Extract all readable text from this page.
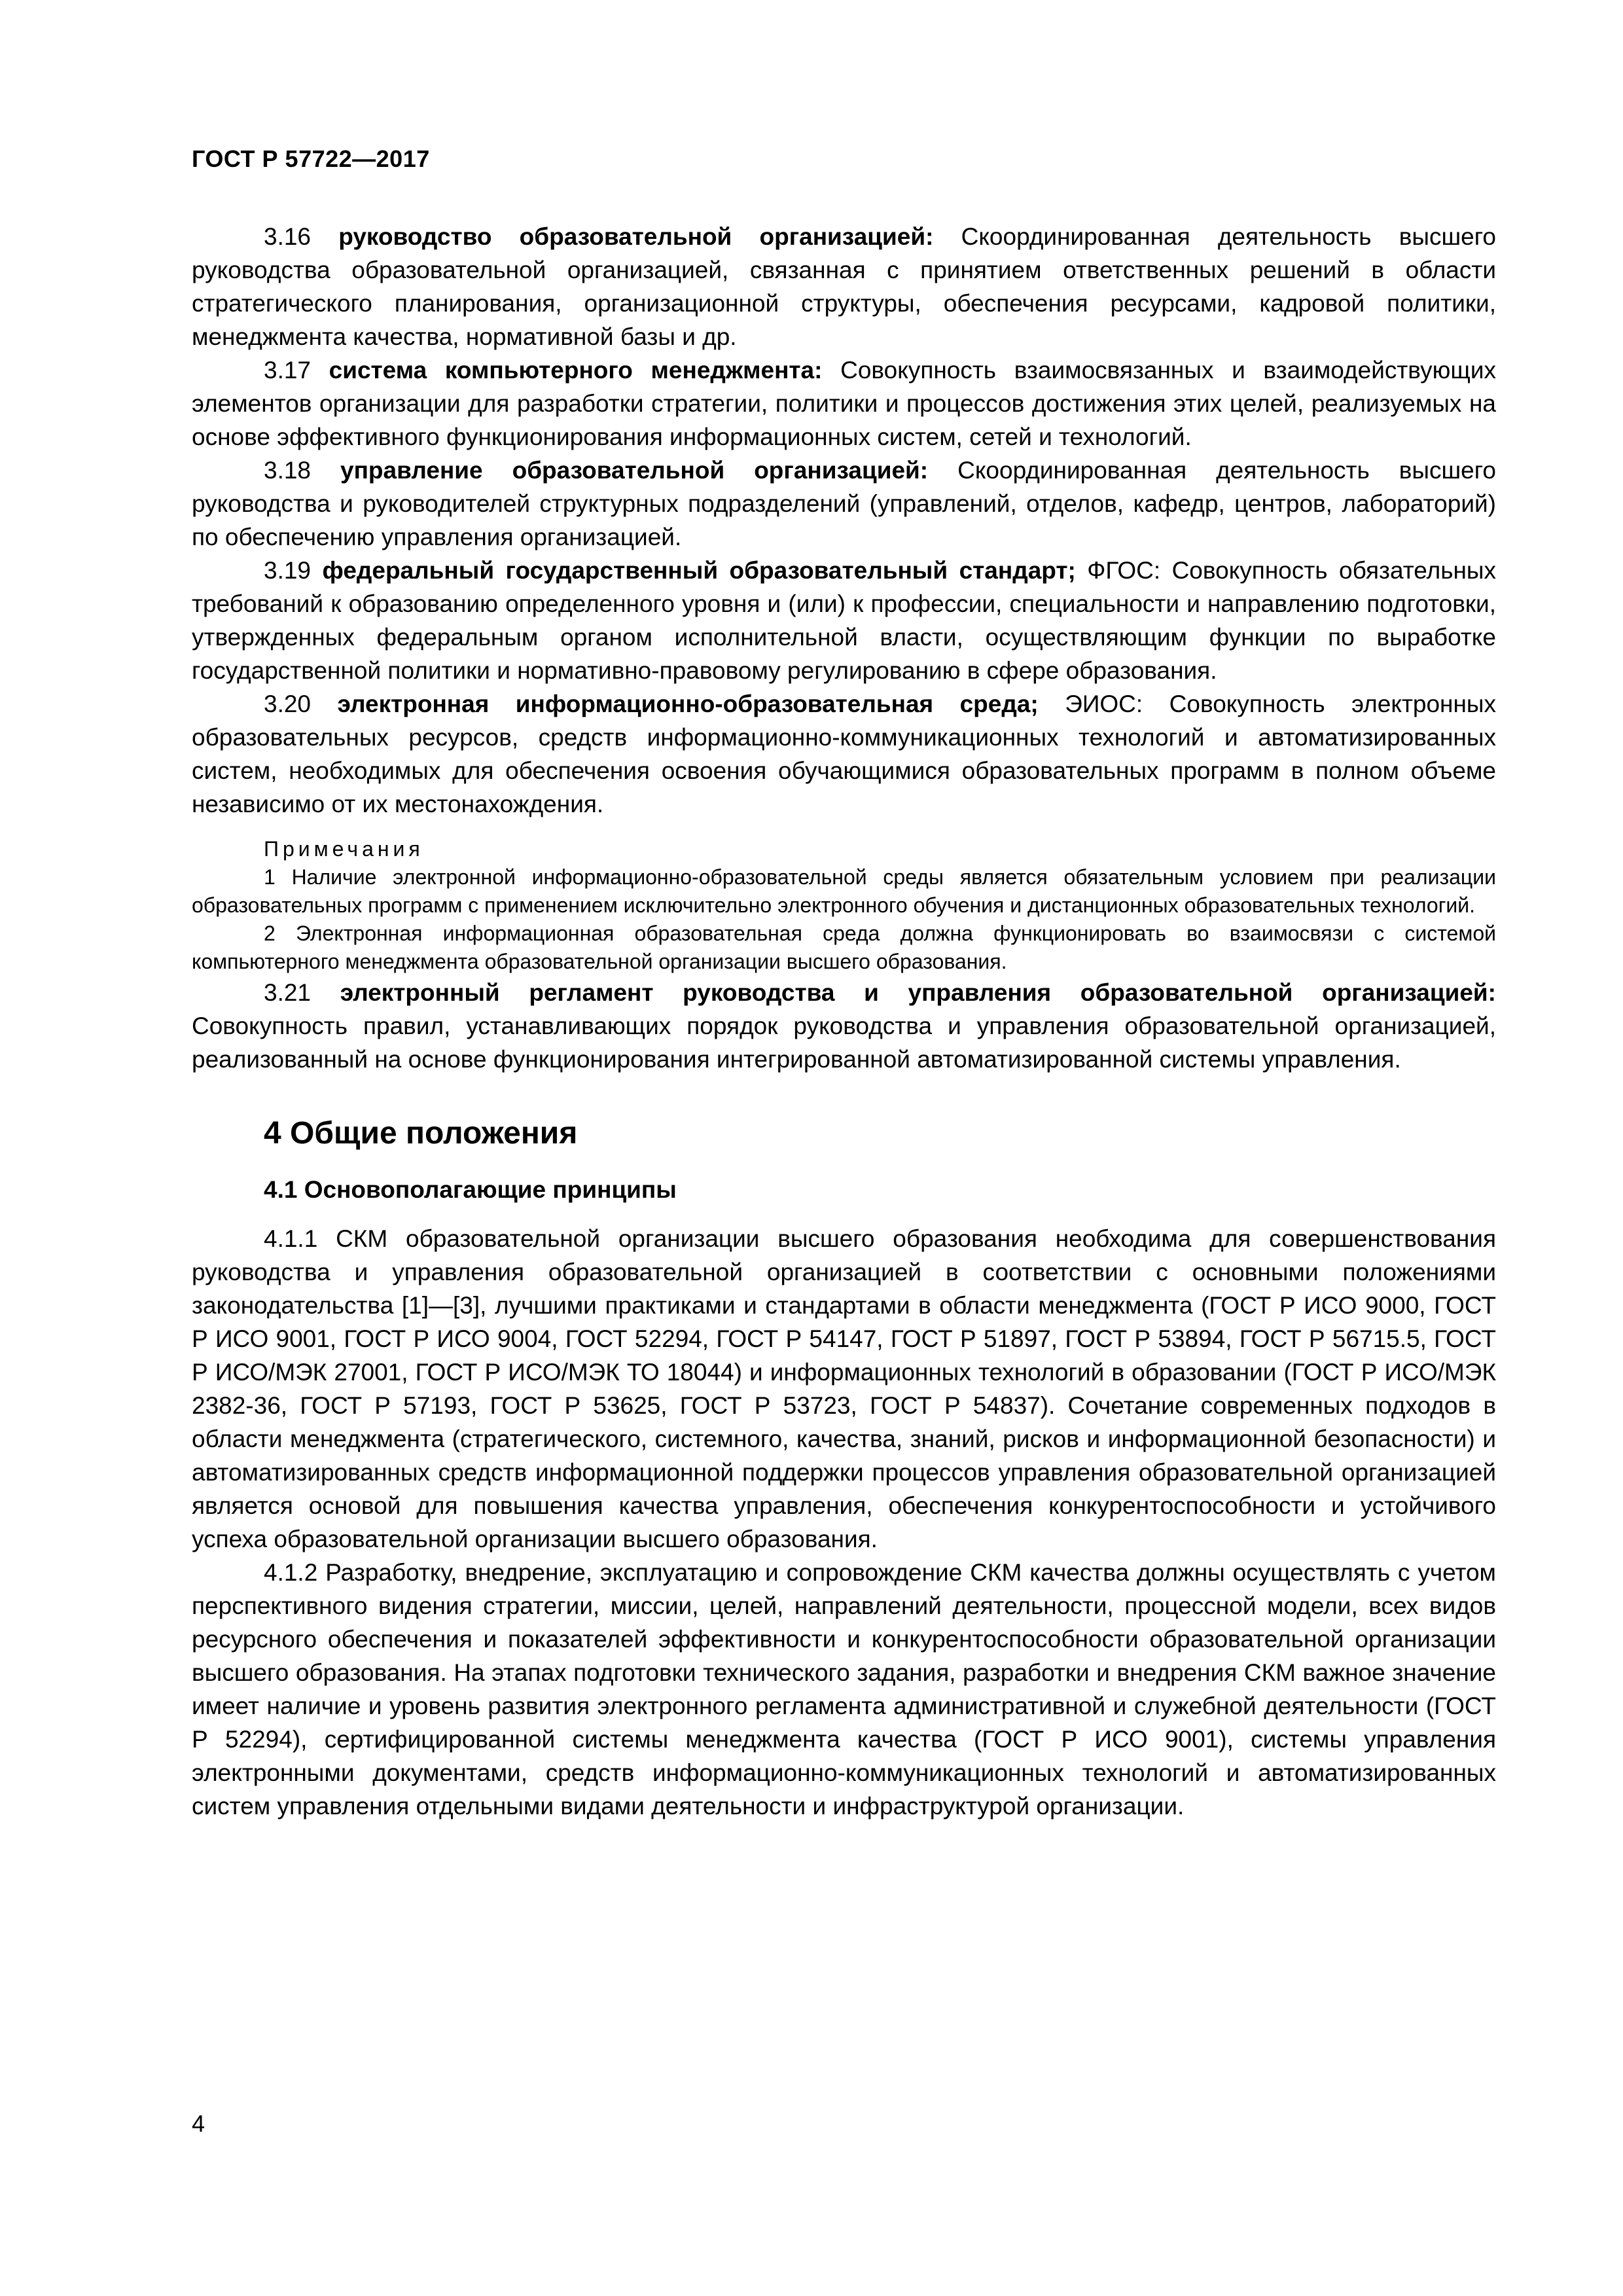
ГОСТ Р 57722—2017

3.16 руководство образовательной организацией: Скоординированная деятельность высшего руководства образовательной организацией, связанная с принятием ответственных решений в области стратегического планирования, организационной структуры, обеспечения ресурсами, кадровой политики, менеджмента качества, нормативной базы и др.

3.17 система компьютерного менеджмента: Совокупность взаимосвязанных и взаимодействующих элементов организации для разработки стратегии, политики и процессов достижения этих целей, реализуемых на основе эффективного функционирования информационных систем, сетей и технологий.

3.18 управление образовательной организацией: Скоординированная деятельность высшего руководства и руководителей структурных подразделений (управлений, отделов, кафедр, центров, лабораторий) по обеспечению управления организацией.

3.19 федеральный государственный образовательный стандарт; ФГОС: Совокупность обязательных требований к образованию определенного уровня и (или) к профессии, специальности и направлению подготовки, утвержденных федеральным органом исполнительной власти, осуществляющим функции по выработке государственной политики и нормативно-правовому регулированию в сфере образования.

3.20 электронная информационно-образовательная среда; ЭИОС: Совокупность электронных образовательных ресурсов, средств информационно-коммуникационных технологий и автоматизированных систем, необходимых для обеспечения освоения обучающимися образовательных программ в полном объеме независимо от их местонахождения.

Примечания

1 Наличие электронной информационно-образовательной среды является обязательным условием при реализации образовательных программ с применением исключительно электронного обучения и дистанционных образовательных технологий.

2 Электронная информационная образовательная среда должна функционировать во взаимосвязи с системой компьютерного менеджмента образовательной организации высшего образования.

3.21 электронный регламент руководства и управления образовательной организацией: Совокупность правил, устанавливающих порядок руководства и управления образовательной организацией, реализованный на основе функционирования интегрированной автоматизированной системы управления.

4 Общие положения
4.1 Основополагающие принципы

4.1.1 СКМ образовательной организации высшего образования необходима для совершенствования руководства и управления образовательной организацией в соответствии с основными положениями законодательства [1]—[3], лучшими практиками и стандартами в области менеджмента (ГОСТ Р ИСО 9000, ГОСТ Р ИСО 9001, ГОСТ Р ИСО 9004, ГОСТ 52294, ГОСТ Р 54147, ГОСТ Р 51897, ГОСТ Р 53894, ГОСТ Р 56715.5, ГОСТ Р ИСО/МЭК 27001, ГОСТ Р ИСО/МЭК ТО 18044) и информационных технологий в образовании (ГОСТ Р ИСО/МЭК 2382-36, ГОСТ Р 57193, ГОСТ Р 53625, ГОСТ Р 53723, ГОСТ Р 54837). Сочетание современных подходов в области менеджмента (стратегического, системного, качества, знаний, рисков и информационной безопасности) и автоматизированных средств информационной поддержки процессов управления образовательной организацией является основой для повышения качества управления, обеспечения конкурентоспособности и устойчивого успеха образовательной организации высшего образования.

4.1.2 Разработку, внедрение, эксплуатацию и сопровождение СКМ качества должны осуществлять с учетом перспективного видения стратегии, миссии, целей, направлений деятельности, процессной модели, всех видов ресурсного обеспечения и показателей эффективности и конкурентоспособности образовательной организации высшего образования. На этапах подготовки технического задания, разработки и внедрения СКМ важное значение имеет наличие и уровень развития электронного регламента административной и служебной деятельности (ГОСТ Р 52294), сертифицированной системы менеджмента качества (ГОСТ Р ИСО 9001), системы управления электронными документами, средств информационно-коммуникационных технологий и автоматизированных систем управления отдельными видами деятельности и инфраструктурой организации.

4
